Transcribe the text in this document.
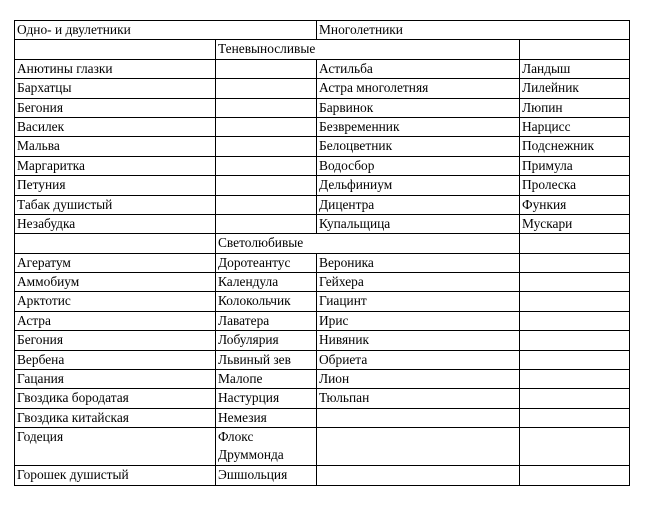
Одно- и двулетники		Многолетники	
	Теневыносливые		
Анютины глазки		Астильба	Ландыш
Бархатцы		Астра многолетняя	Лилейник
Бегония		Барвинок	Люпин
Василек		Безвременник	Нарцисс
Мальва		Белоцветник	Подснежник
Маргаритка		Водосбор	Примула
Петуния		Дельфиниум	Пролеска
Табак душистый		Дицентра	Функия
Незабудка		Купальщица	Мускари
	Светолюбивые		
Агератум	Доротеантус	Вероника	
Аммобиум	Календула	Гейхера	
Арктотис	Колокольчик	Гиацинт	
Астра	Лаватера	Ирис	
Бегония	Лобулярия	Нивяник	
Вербена	Львиный зев	Обриета	
Гацания	Малопе	Лион	
Гвоздика бородатая	Настурция	Тюльпан	
Гвоздика китайская	Немезия		
Годеция	Флокс Друммонда		
Горошек душистый	Эшшольция		
